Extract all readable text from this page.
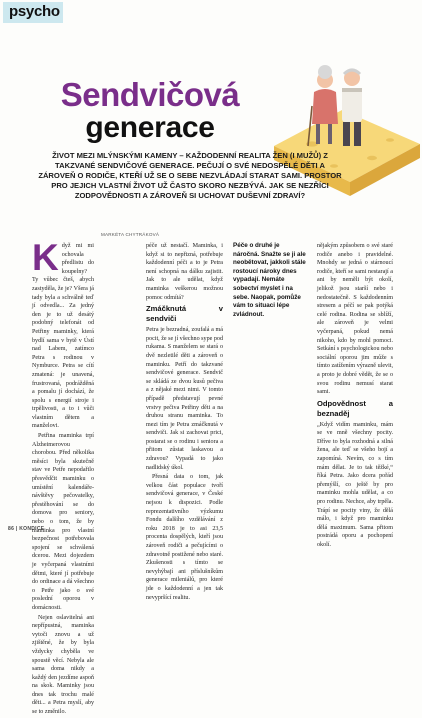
psycho
Sendvičová
generace
ŽIVOT MEZI MLÝNSKÝMI KAMENY – KAŽDODENNÍ REALITA ŽEN (I MUŽŮ) Z TAKZVANÉ SENDVIČOVÉ GENERACE. PEČUJÍ O SVÉ NEDOSPĚLÉ DĚTI A ZÁROVEŇ O RODIČE, KTEŘÍ UŽ SE O SEBE NEZVLÁDAJÍ STARAT SAMI. PROSTOR PRO JEJICH VLASTNÍ ŽIVOT UŽ ČASTO SKORO NEZBÝVÁ. JAK SE NEZŘÍCI ZODPOVĚDNOSTI A ZÁROVEŇ SI UCHOVAT DUŠEVNÍ ZDRAVÍ?
MARKÉTA CHYTRÁKOVÁ
K dyž mi mi ochovala předlistu do koupelny? Ty vůbec čteš, abych zastyděla, že je? Všera já tady byla a schválně teď jí odvedla... Za jedný den je to už desátý podobný telefonát od Petřiny maminky, která bydlí sama v bytě v Ústí nad Labem, zatímco Petra s rodinou v Nymburce. Petra se cítí zmatená: je unavená, frustrovaná, podrážděná a pomalu jí dochází, že spolu s energií stroje i trpělivosti, a to i vůči vlastním dětem a manželovi.

Petřina maminka trpí Alzheimerovou chorobou. Před několika měsíci byla skutečně stav ve Petře nepodařilo přesvědčit maminku o umístění kalendáře-návštěvy pečovatelky, přestěhování se do domova pro seniory, nebo o tom, že by maminka pro vlastní bezpečnost potřebovala spojení se schválená dcerou. Mezi dojezdem je vyčerpaná vlastními dětmi, které jí potřebuje do ordinace a dá všechno o Petře jako o své poslední oporou v domácnosti.

Nejen oslavitelná ani nepřípustná, maminka vytoči znovu a už zjištěné, že by byla vždycky chyběla ve spoustě věcí. Nebyla ale sama doma nikdy a každý den jezdíme aspoň na skok. Maminky jsou dnes tak trochu malé děti... a Petra myslí, aby se to změnilo.

péče už nestačí. Maminka, i když si to nepřizná, potřebuje každodenní péči a to je Petra není schopná na dálku zajistit. Jak to ale udělat, když maminka veškerou možnou pomoc odmítá?

Zmáčknutá v sendviči

Petra je bezradná, zoufalá a má pocit, že se jí všechno sype pod rukama. S manželem se stará o dvě nezletilé děti a zároveň o maminku. Petří do takzvané sendvičové generace. Sendvič se skládá ze dvou kusů pečiva a z nějaké mezi nimi. V tomto případě představují pevné vrstvy pečiva Petřiny děti a na druhou stranu maminka. To mezi tím je Petra zmáčknutá v sendviči. Jak si zachovat prici, postarat se o rodinu i seniora a přitom zůstat laskavou a zdravou? Vypadá to jako nadlidský úkol.

Přesná data o tom, jak velkou část populace tvoří sendvičová generace, v České nejsou k dispozici. Podle reprezentativního výzkumu Fondu dalšího vzdělávání z roku 2018 je to asi 23,5 procenta dospělých, kteří jsou zároveň rodiči a pečujícími o zdravotně postižené nebo staré. Zkušenosti s tímto se nevyhýbají ani příslušníkům generace mileniálů, pro které jde o každodenní a jen tak nevypršící realitu.

Péče o druhé je náročná. Snažte se ji ale neobětovat, jakkoli stále rostoucí nároky dnes vypadají. Nemáte sobectví myslet i na sebe. Naopak, pomůže vám to situaci lépe zvládnout.

nějakým způsobem o své staré rodiče anebo i pravidelné. Mnohdy se jedná o stárnoucí rodiče, kteří se sami nestarají a ani by neměli být okolí, jelikož jsou starší nebo i nedostatečně. S každodenním stresem a péčí se pak potýká celé rodina. Rodina se sblíží, ale zároveň je velmi vyčerpaná, pokud nemá nikoho, kdo by mohl pomoci. Setkání s psychologickou nebo sociální oporou jim může s tímto zatížením výrazně ulevit, a proto je dobré vědět, že se o svou rodinu nemusí starat sami.

Odpovědnost a beznaděj

„Když vidím maminku, mám se ve mně všechny pocity. Dříve to byla rozhodná a silná žena, ale teď se všeho bojí a zapomíná. Nevím, co s tím mám dělat. Je to tak těžké,“ říká Petra. Jako dcera pořád přemýšlí, co ještě by pro maminku mohla udělat, a co pro rodinu. Nechce, aby trpěla. Trápí se pocity viny, že dělá málo, i když pro maminku dělá maximum. Sama přitom postrádá oporu a pochopení okolí.

86 | KONDICE
